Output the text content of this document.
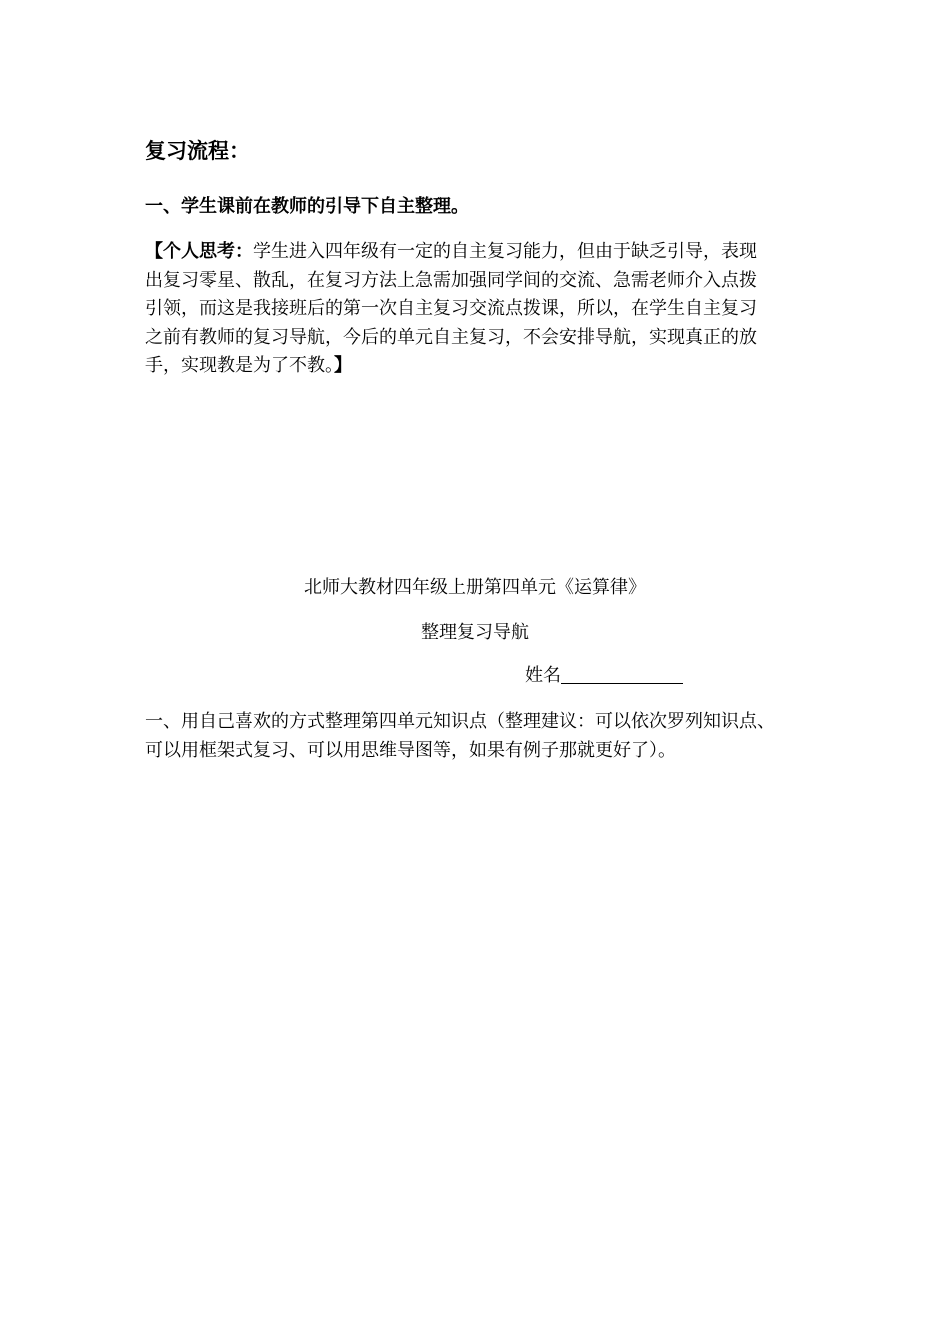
复习流程：
一、学生课前在教师的引导下自主整理。
【个人思考：学生进入四年级有一定的自主复习能力，但由于缺乏引导，表现
出复习零星、散乱，在复习方法上急需加强同学间的交流、急需老师介入点拨
引领，而这是我接班后的第一次自主复习交流点拨课，所以，在学生自主复习
之前有教师的复习导航，今后的单元自主复习，不会安排导航，实现真正的放
手，实现教是为了不教。】
北师大教材四年级上册第四单元《运算律》
整理复习导航
姓名
一、用自己喜欢的方式整理第四单元知识点（整理建议：可以依次罗列知识点、
可以用框架式复习、可以用思维导图等，如果有例子那就更好了）。
